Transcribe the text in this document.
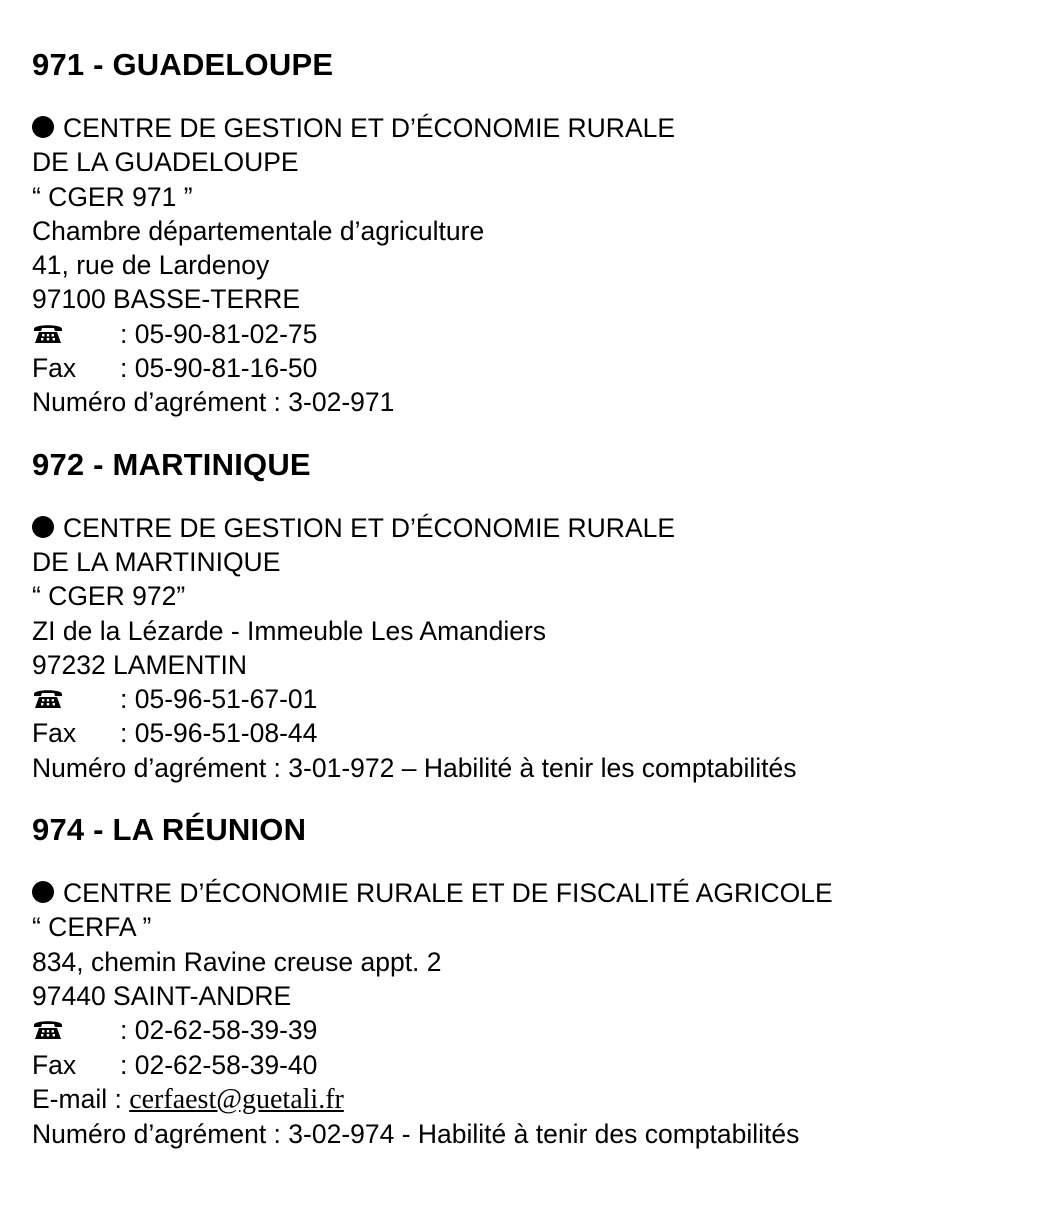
971 - GUADELOUPE
CENTRE DE GESTION ET D’ÉCONOMIE RURALE
DE LA GUADELOUPE
“ CGER 971 ”
Chambre départementale d’agriculture
41, rue de Lardenoy
97100 BASSE-TERRE
: 05-90-81-02-75
Fax : 05-90-81-16-50
Numéro d’agrément : 3-02-971
972 - MARTINIQUE
CENTRE DE GESTION ET D’ÉCONOMIE RURALE
DE LA MARTINIQUE
“ CGER 972”
ZI de la Lézarde - Immeuble Les Amandiers
97232 LAMENTIN
: 05-96-51-67-01
Fax : 05-96-51-08-44
Numéro d’agrément : 3-01-972 – Habilité à tenir les comptabilités
974 - LA RÉUNION
CENTRE D’ÉCONOMIE RURALE ET DE FISCALITÉ AGRICOLE
“ CERFA ”
834, chemin Ravine creuse appt. 2
97440 SAINT-ANDRE
: 02-62-58-39-39
Fax : 02-62-58-39-40
E-mail : cerfaest@guetali.fr
Numéro d’agrément : 3-02-974 - Habilité à tenir des comptabilités
